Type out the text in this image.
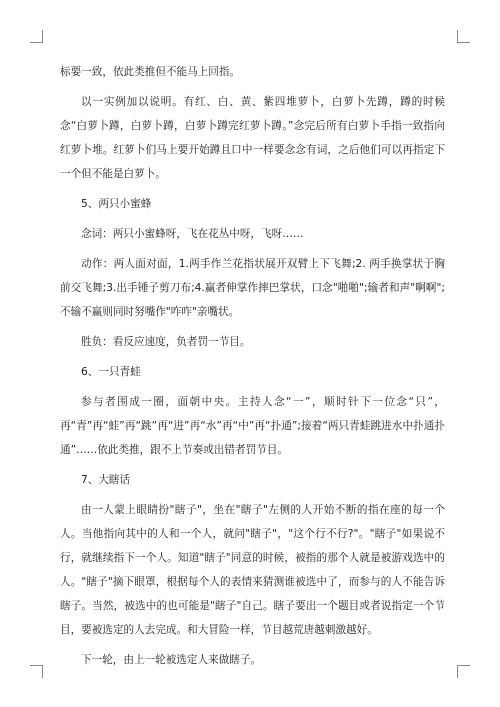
标要一致，依此类推但不能马上回指。

以一实例加以说明。有红、白、黄、紫四堆萝卜，白萝卜先蹲，蹲的时候念“白萝卜蹲，白萝卜蹲，白萝卜蹲完红萝卜蹲。”念完后所有白萝卜手指一致指向红萝卜堆。红萝卜们马上要开始蹲且口中一样要念念有词，之后他们可以再指定下一个但不能是白萝卜。

5、两只小蜜蜂

念词：两只小蜜蜂呀，飞在花丛中呀，飞呀……

动作：两人面对面，1.两手作兰花指状展开双臂上下飞舞;2. 两手换掌状于胸前交飞舞;3.出手锤子剪刀布;4.赢者伸掌作摔巴掌状，口念"啪啪";输者和声"啊啊";不输不赢则同时努嘴作"咋咋"亲嘴状。

胜负：看反应速度，负者罚一节目。

6、一只青蛙

参与者围成一圈，面朝中央。主持人念“一”，顺时针下一位念“只”，再“青”再“蛙”再“跳”再“进”再“水”再“中”再“扑通”;接着“两只青蛙跳进水中扑通扑通”……依此类推，跟不上节奏或出错者罚节目。

7、大瞎话

由一人蒙上眼睛扮"瞎子"，坐在"瞎子"左侧的人开始不断的指在座的每一个人。当他指向其中的人和一个人，就问"瞎子"，"这个行不行?"。"瞎子"如果说不行，就继续指下一个人。知道"瞎子"同意的时候，被指的那个人就是被游戏选中的人。"瞎子"摘下眼罩，根据每个人的表情来猜测谁被选中了，而参与的人不能告诉瞎子。当然，被选中的也可能是"瞎子"自己。瞎子要出一个题目或者说指定一个节目，要被选定的人去完成。和大冒险一样，节目越荒唐越刺激越好。

下一轮，由上一轮被选定人来做瞎子。
